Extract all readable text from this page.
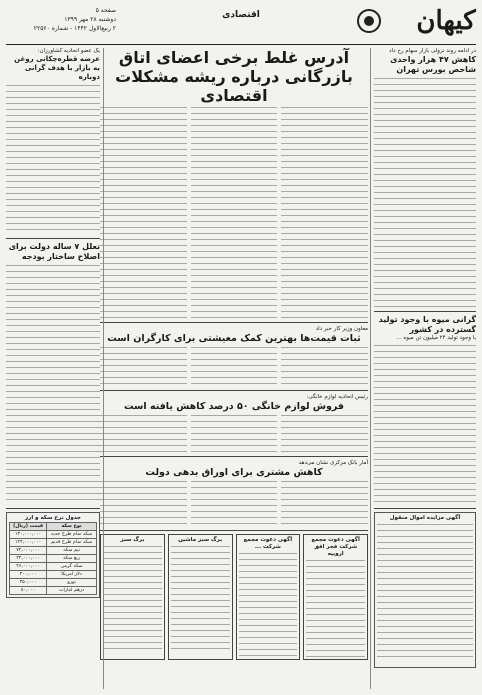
کیهان
اقتصادی
صفحه ۵
دوشنبه ۲۸ مهر ۱۳۹۹
۲ ربیع‌الاول ۱۴۴۲ - شماره ۲۲۵۶۰
در ادامه روند نزولی بازار سهام رخ داد
کاهش ۴۷ هزار واحدی شاخص بورس تهران
گرانی میوه با وجود تولید گسترده در کشور
با وجود تولید ۲۴ میلیون تن میوه ...
آگهی مزایده اموال منقول
آدرس غلط برخی اعضای اتاق بازرگانی درباره ریشه مشکلات اقتصادی
معاون وزیر کار خبر داد
ثبات قیمت‌ها بهترین کمک معیشتی برای کارگران است
رئیس اتحادیه لوازم خانگی:
فروش لوازم خانگی ۵۰ درصد کاهش یافته است
آمار بانک مرکزی نشان می‌دهد
کاهش مشتری برای اوراق بدهی دولت
آگهی دعوت مجمع شرکت فخر افق اروپیه
آگهی دعوت مجمع شرکت ...
برگ سبز ماشین
برگ سبز
یک عضو اتحادیه کشاورزان:
عرضه قطره‌چکانی روغن به بازار با هدف گرانی دوباره
تعلل ۷ ساله دولت برای اصلاح ساختار بودجه
جدول نرخ سکه و ارز
نوع سکه	قیمت (ریال)
سکه تمام طرح جدید	۱۳۰,۰۰۰,۰۰۰
سکه تمام طرح قدیم	۱۲۴,۰۰۰,۰۰۰
نیم سکه	۷۲,۰۰۰,۰۰۰
ربع سکه	۴۴,۰۰۰,۰۰۰
سکه گرمی	۲۶,۰۰۰,۰۰۰
دلار آمریکا	۳۰۰,۰۰۰
یورو	۳۵۰,۰۰۰
درهم امارات	۸۰,۰۰۰
